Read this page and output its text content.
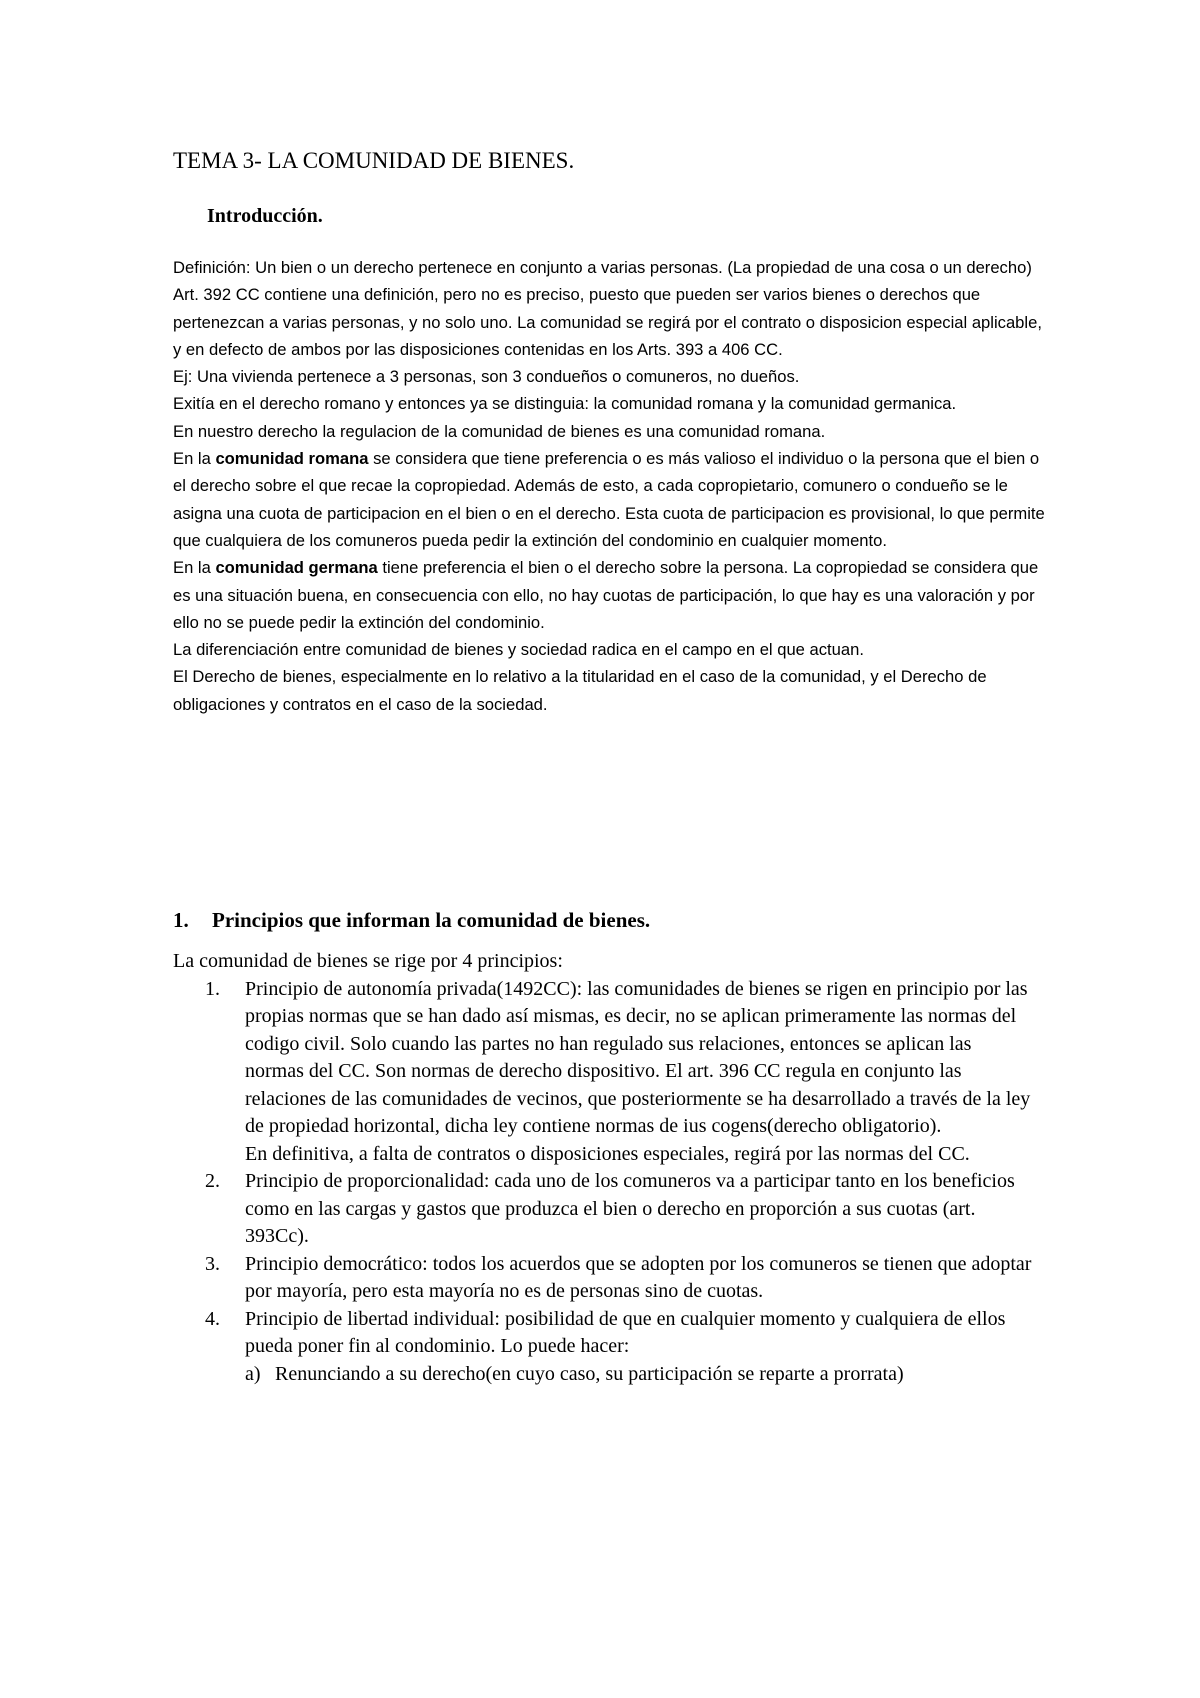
TEMA 3- LA COMUNIDAD DE BIENES.
Introducción.

Definición: Un bien o un derecho pertenece en conjunto a varias personas. (La propiedad de una cosa o un derecho)

Art. 392 CC contiene una definición, pero no es preciso, puesto que pueden ser varios bienes o derechos que pertenezcan a varias personas, y no solo uno. La comunidad se regirá por el contrato o disposicion especial aplicable, y en defecto de ambos por las disposiciones contenidas en los Arts. 393 a 406 CC.

Ej: Una vivienda pertenece a 3 personas, son 3 condueños o comuneros, no dueños.

Exitía en el derecho romano y entonces ya se distinguia: la comunidad romana y la comunidad germanica.

En nuestro derecho la regulacion de la comunidad de bienes es una comunidad romana.

En la comunidad romana se considera que tiene preferencia o es más valioso el individuo o la persona que el bien o el derecho sobre el que recae la copropiedad. Además de esto, a cada copropietario, comunero o condueño se le asigna una cuota de participacion en el bien o en el derecho. Esta cuota de participacion es provisional, lo que permite que cualquiera de los comuneros pueda pedir la extinción del condominio en cualquier momento.

En la comunidad germana tiene preferencia el bien o el derecho sobre la persona. La copropiedad se considera que es una situación buena, en consecuencia con ello, no hay cuotas de participación, lo que hay es una valoración y por ello no se puede pedir la extinción del condominio.

La diferenciación entre comunidad de bienes y sociedad radica en el campo en el que actuan.

El Derecho de bienes, especialmente en lo relativo a la titularidad en el caso de la comunidad, y el Derecho de obligaciones y contratos en el caso de la sociedad.

1. Principios que informan la comunidad de bienes.

La comunidad de bienes se rige por 4 principios:

1. Principio de autonomía privada(1492CC): las comunidades de bienes se rigen en principio por las propias normas que se han dado así mismas, es decir, no se aplican primeramente las normas del codigo civil. Solo cuando las partes no han regulado sus relaciones, entonces se aplican las normas del CC. Son normas de derecho dispositivo. El art. 396 CC regula en conjunto las relaciones de las comunidades de vecinos, que posteriormente se ha desarrollado a través de la ley de propiedad horizontal, dicha ley contiene normas de ius cogens(derecho obligatorio).
En definitiva, a falta de contratos o disposiciones especiales, regirá por las normas del CC.
2. Principio de proporcionalidad: cada uno de los comuneros va a participar tanto en los beneficios como en las cargas y gastos que produzca el bien o derecho en proporción a sus cuotas (art. 393Cc).
3. Principio democrático: todos los acuerdos que se adopten por los comuneros se tienen que adoptar por mayoría, pero esta mayoría no es de personas sino de cuotas.
4. Principio de libertad individual: posibilidad de que en cualquier momento y cualquiera de ellos pueda poner fin al condominio. Lo puede hacer:
a) Renunciando a su derecho(en cuyo caso, su participación se reparte a prorrata)
